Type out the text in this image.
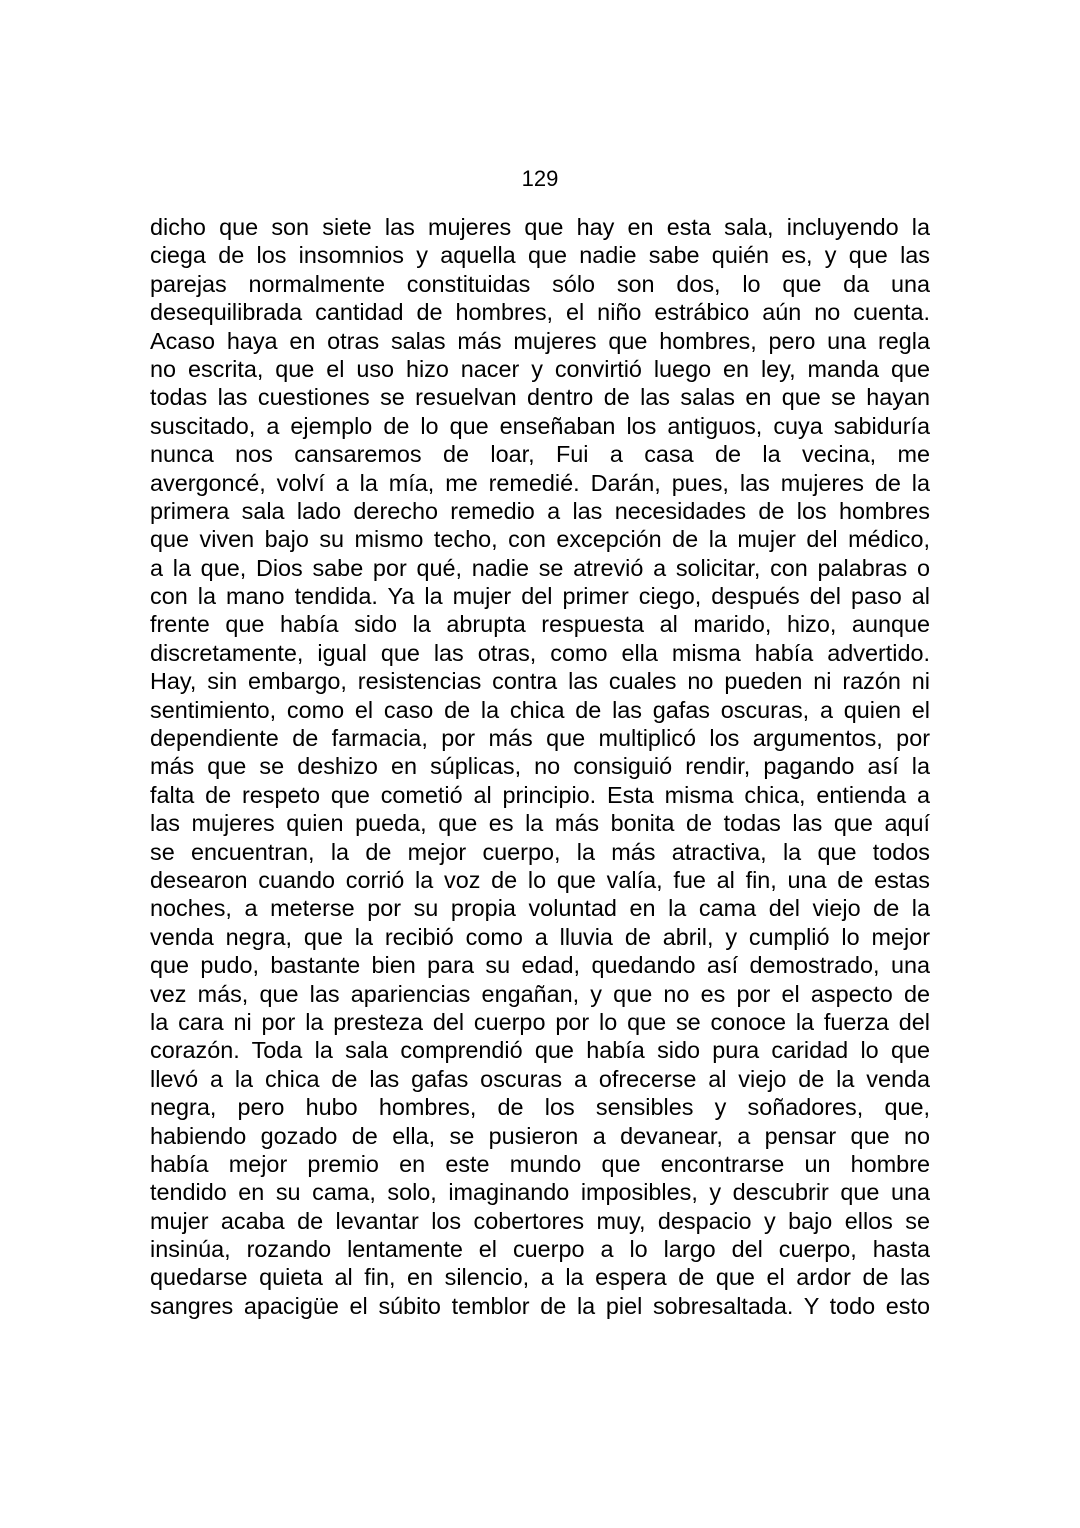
129
dicho que son siete las mujeres que hay en esta sala, incluyendo la
ciega de los insomnios y aquella que nadie sabe quién es, y que las
parejas normalmente constituidas sólo son dos, lo que da una
desequilibrada cantidad de hombres, el niño estrábico aún no cuenta.
Acaso haya en otras salas más mujeres que hombres, pero una regla
no escrita, que el uso hizo nacer y convirtió luego en ley, manda que
todas las cuestiones se resuelvan dentro de las salas en que se hayan
suscitado, a ejemplo de lo que enseñaban los antiguos, cuya sabiduría
nunca nos cansaremos de loar, Fui a casa de la vecina, me
avergoncé, volví a la mía, me remedié. Darán, pues, las mujeres de la
primera sala lado derecho remedio a las necesidades de los hombres
que viven bajo su mismo techo, con excepción de la mujer del médico,
a la que, Dios sabe por qué, nadie se atrevió a solicitar, con palabras o
con la mano tendida. Ya la mujer del primer ciego, después del paso al
frente que había sido la abrupta respuesta al marido, hizo, aunque
discretamente, igual que las otras, como ella misma había advertido.
Hay, sin embargo, resistencias contra las cuales no pueden ni razón ni
sentimiento, como el caso de la chica de las gafas oscuras, a quien el
dependiente de farmacia, por más que multiplicó los argumentos, por
más que se deshizo en súplicas, no consiguió rendir, pagando así la
falta de respeto que cometió al principio. Esta misma chica, entienda a
las mujeres quien pueda, que es la más bonita de todas las que aquí
se encuentran, la de mejor cuerpo, la más atractiva, la que todos
desearon cuando corrió la voz de lo que valía, fue al fin, una de estas
noches, a meterse por su propia voluntad en la cama del viejo de la
venda negra, que la recibió como a lluvia de abril, y cumplió lo mejor
que pudo, bastante bien para su edad, quedando así demostrado, una
vez más, que las apariencias engañan, y que no es por el aspecto de
la cara ni por la presteza del cuerpo por lo que se conoce la fuerza del
corazón. Toda la sala comprendió que había sido pura caridad lo que
llevó a la chica de las gafas oscuras a ofrecerse al viejo de la venda
negra, pero hubo hombres, de los sensibles y soñadores, que,
habiendo gozado de ella, se pusieron a devanear, a pensar que no
había mejor premio en este mundo que encontrarse un hombre
tendido en su cama, solo, imaginando imposibles, y descubrir que una
mujer acaba de levantar los cobertores muy, despacio y bajo ellos se
insinúa, rozando lentamente el cuerpo a lo largo del cuerpo, hasta
quedarse quieta al fin, en silencio, a la espera de que el ardor de las
sangres apacigüe el súbito temblor de la piel sobresaltada. Y todo esto
